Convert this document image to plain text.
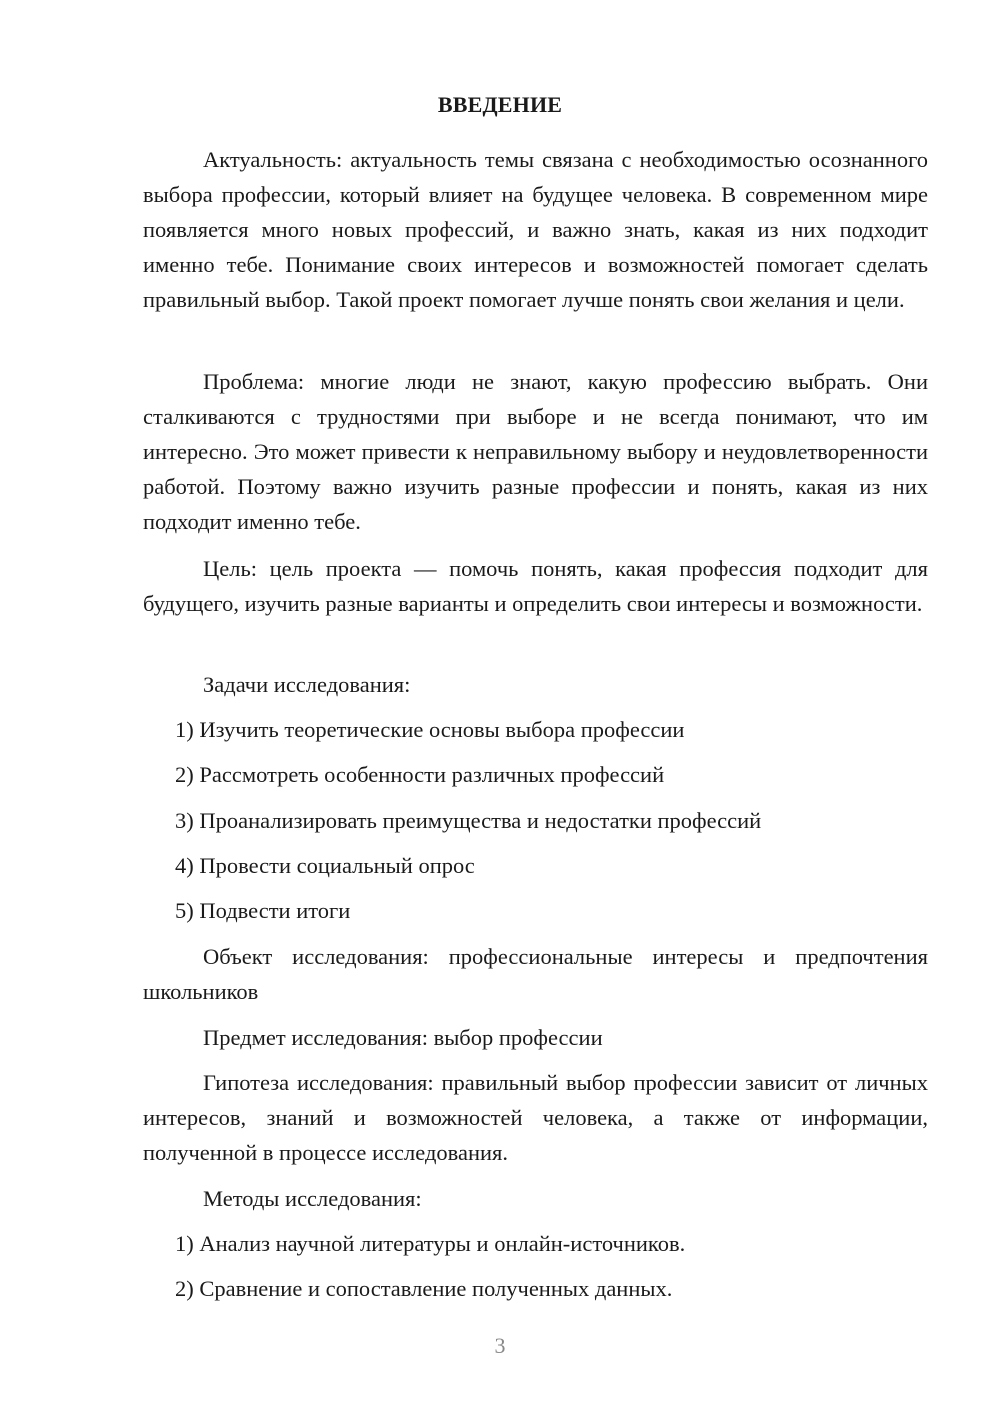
ВВЕДЕНИЕ

Актуальность: актуальность темы связана с необходимостью осознанного выбора профессии, который влияет на будущее человека. В современном мире появляется много новых профессий, и важно знать, какая из них подходит именно тебе. Понимание своих интересов и возможностей помогает сделать правильный выбор. Такой проект помогает лучше понять свои желания и цели.

Проблема: многие люди не знают, какую профессию выбрать. Они сталкиваются с трудностями при выборе и не всегда понимают, что им интересно. Это может привести к неправильному выбору и неудовлетворенности работой. Поэтому важно изучить разные профессии и понять, какая из них подходит именно тебе.

Цель: цель проекта — помочь понять, какая профессия подходит для будущего, изучить разные варианты и определить свои интересы и возможности.

Задачи исследования:

1) Изучить теоретические основы выбора профессии

2) Рассмотреть особенности различных профессий

3) Проанализировать преимущества и недостатки профессий

4) Провести социальный опрос

5) Подвести итоги

Объект исследования: профессиональные интересы и предпочтения школьников

Предмет исследования: выбор профессии

Гипотеза исследования: правильный выбор профессии зависит от личных интересов, знаний и возможностей человека, а также от информации, полученной в процессе исследования.

Методы исследования:

1) Анализ научной литературы и онлайн-источников.

2) Сравнение и сопоставление полученных данных.

3
